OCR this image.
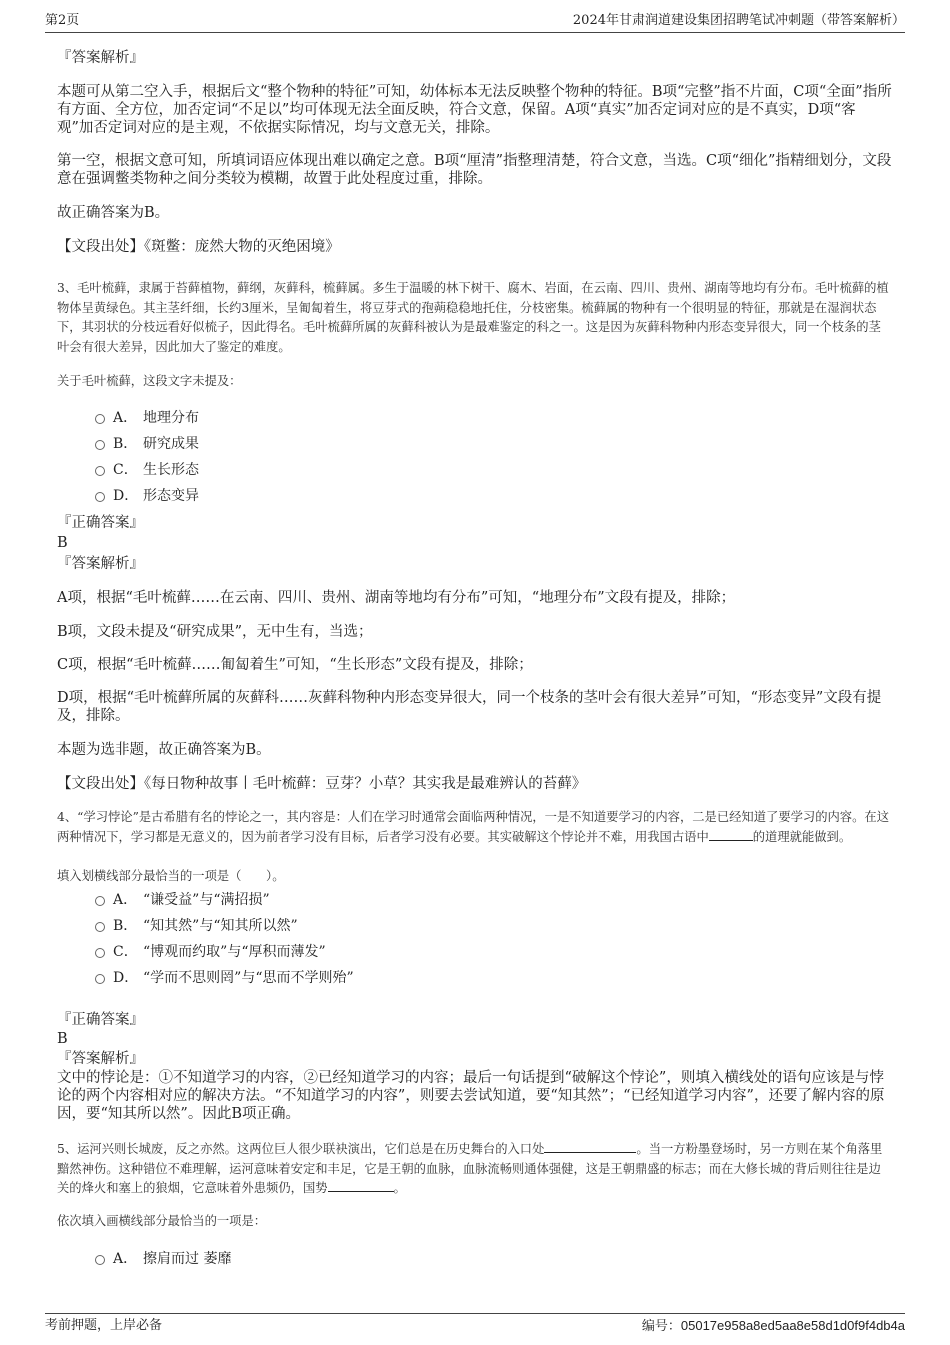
第2页	2024年甘肃润道建设集团招聘笔试冲刺题（带答案解析）
『答案解析』
本题可从第二空入手，根据后文“整个物种的特征”可知，幼体标本无法反映整个物种的特征。B项“完整”指不片面，C项“全面”指所有方面、全方位，加否定词“不足以”均可体现无法全面反映，符合文意，保留。A项“真实”加否定词对应的是不真实，D项“客观”加否定词对应的是主观，不依据实际情况，均与文意无关，排除。
第一空，根据文意可知，所填词语应体现出难以确定之意。B项“厘清”指整理清楚，符合文意，当选。C项“细化”指精细划分，文段意在强调鳖类物种之间分类较为模糊，故置于此处程度过重，排除。
故正确答案为B。
【文段出处】《斑鳖：庞然大物的灭绝困境》
3、毛叶梳藓，隶属于苔藓植物，藓纲，灰藓科，梳藓属。多生于温暖的林下树干、腐木、岩面，在云南、四川、贵州、湖南等地均有分布。毛叶梳藓的植物体呈黄绿色。其主茎纤细，长约3厘米，呈匍匐着生，将豆芽式的孢蒴稳稳地托住，分枝密集。梳藓属的物种有一个很明显的特征，那就是在湿润状态下，其羽状的分枝远看好似梳子，因此得名。毛叶梳藓所属的灰藓科被认为是最难鉴定的科之一。这是因为灰藓科物种内形态变异很大，同一个枝条的茎叶会有很大差异，因此加大了鉴定的难度。
关于毛叶梳藓，这段文字未提及：
A． 地理分布
B． 研究成果
C． 生长形态
D． 形态变异
『正确答案』
B
『答案解析』
A项，根据“毛叶梳藓……在云南、四川、贵州、湖南等地均有分布”可知，“地理分布”文段有提及，排除；
B项，文段未提及“研究成果”，无中生有，当选；
C项，根据“毛叶梳藓……匍匐着生”可知，“生长形态”文段有提及，排除；
D项，根据“毛叶梳藓所属的灰藓科……灰藓科物种内形态变异很大，同一个枝条的茎叶会有很大差异”可知，“形态变异”文段有提及，排除。
本题为选非题，故正确答案为B。
【文段出处】《每日物种故事丨毛叶梳藓：豆芽？小草？其实我是最难辨认的苔藓》
4、“学习悖论”是古希腊有名的悖论之一，其内容是：人们在学习时通常会面临两种情况，一是不知道要学习的内容，二是已经知道了要学习的内容。在这两种情况下，学习都是无意义的，因为前者学习没有目标，后者学习没有必要。其实破解这个悖论并不难，用我国古语中	的道理就能做到。
填入划横线部分最恰当的一项是（　　）。
A． “谦受益”与“满招损”
B． “知其然”与“知其所以然”
C． “博观而约取”与“厚积而薄发”
D． “学而不思则罔”与“思而不学则殆”
『正确答案』
B
『答案解析』
文中的悖论是：①不知道学习的内容，②已经知道学习的内容；最后一句话提到“破解这个悖论”，则填入横线处的语句应该是与悖论的两个内容相对应的解决方法。“不知道学习的内容”，则要去尝试知道，要“知其然”；“已经知道学习内容”，还要了解内容的原因，要“知其所以然”。因此B项正确。
5、运河兴则长城废，反之亦然。这两位巨人很少联袂演出，它们总是在历史舞台的入口处	。当一方粉墨登场时，另一方则在某个角落里黯然神伤。这种错位不难理解，运河意味着安定和丰足，它是王朝的血脉，血脉流畅则通体强健，这是王朝鼎盛的标志；而在大修长城的背后则往往是边关的烽火和塞上的狼烟，它意味着外患频仍，国势	。
依次填入画横线部分最恰当的一项是：
A． 擦肩而过 萎靡
考前押题，上岸必备	编号：05017e958a8ed5aa8e58d1d0f9f4db4a
